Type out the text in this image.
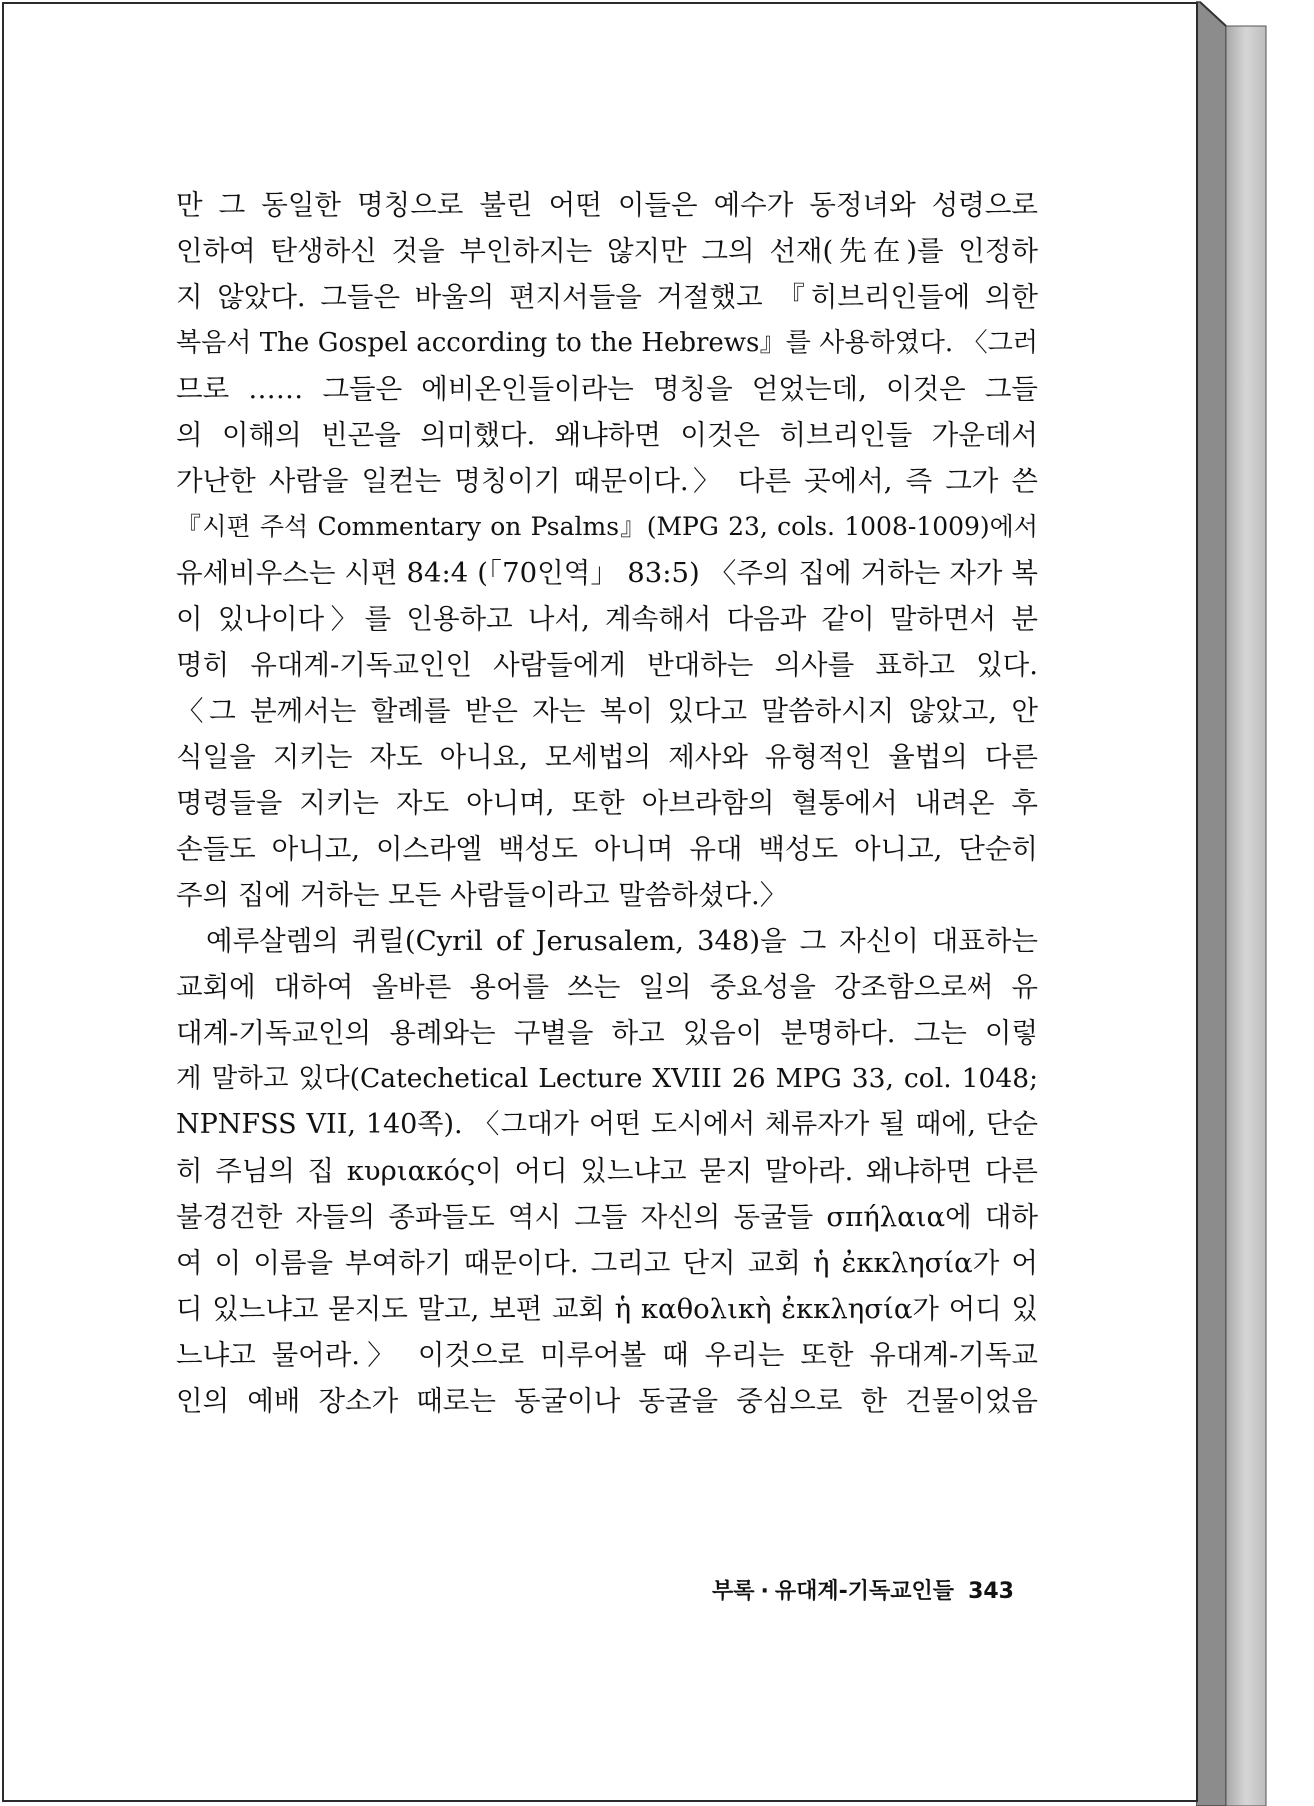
만 그 동일한 명칭으로 불린 어떤 이들은 예수가 동정녀와 성령으로
인하여 탄생하신 것을 부인하지는 않지만 그의 선재(先在)를 인정하
지 않았다. 그들은 바울의 편지서들을 거절했고 『히브리인들에 의한
복음서 The Gospel according to the Hebrews』를 사용하였다. 〈그러
므로 …… 그들은 에비온인들이라는 명칭을 얻었는데, 이것은 그들
의 이해의 빈곤을 의미했다. 왜냐하면 이것은 히브리인들 가운데서
가난한 사람을 일컫는 명칭이기 때문이다.〉 다른 곳에서, 즉 그가 쓴
『시편 주석 Commentary on Psalms』(MPG 23, cols. 1008-1009)에서
유세비우스는 시편 84:4 (「70인역」 83:5) 〈주의 집에 거하는 자가 복
이 있나이다〉를 인용하고 나서, 계속해서 다음과 같이 말하면서 분
명히 유대계-기독교인인 사람들에게 반대하는 의사를 표하고 있다.
〈그 분께서는 할례를 받은 자는 복이 있다고 말씀하시지 않았고, 안
식일을 지키는 자도 아니요, 모세법의 제사와 유형적인 율법의 다른
명령들을 지키는 자도 아니며, 또한 아브라함의 혈통에서 내려온 후
손들도 아니고, 이스라엘 백성도 아니며 유대 백성도 아니고, 단순히
주의 집에 거하는 모든 사람들이라고 말씀하셨다.〉
예루살렘의 퀴릴(Cyril of Jerusalem, 348)을 그 자신이 대표하는
교회에 대하여 올바른 용어를 쓰는 일의 중요성을 강조함으로써 유
대계-기독교인의 용례와는 구별을 하고 있음이 분명하다. 그는 이렇
게 말하고 있다(Catechetical Lecture XVIII 26 MPG 33, col. 1048;
NPNFSS VII, 140쪽). 〈그대가 어떤 도시에서 체류자가 될 때에, 단순
히 주님의 집 κυριακός이 어디 있느냐고 묻지 말아라. 왜냐하면 다른
불경건한 자들의 종파들도 역시 그들 자신의 동굴들 σπήλαια에 대하
여 이 이름을 부여하기 때문이다. 그리고 단지 교회 ἡ ἐκκλησία가 어
디 있느냐고 묻지도 말고, 보편 교회 ἡ καθολικὴ ἐκκλησία가 어디 있
느냐고 물어라.〉 이것으로 미루어볼 때 우리는 또한 유대계-기독교
인의 예배 장소가 때로는 동굴이나 동굴을 중심으로 한 건물이었음
부록 · 유대계-기독교인들 343
